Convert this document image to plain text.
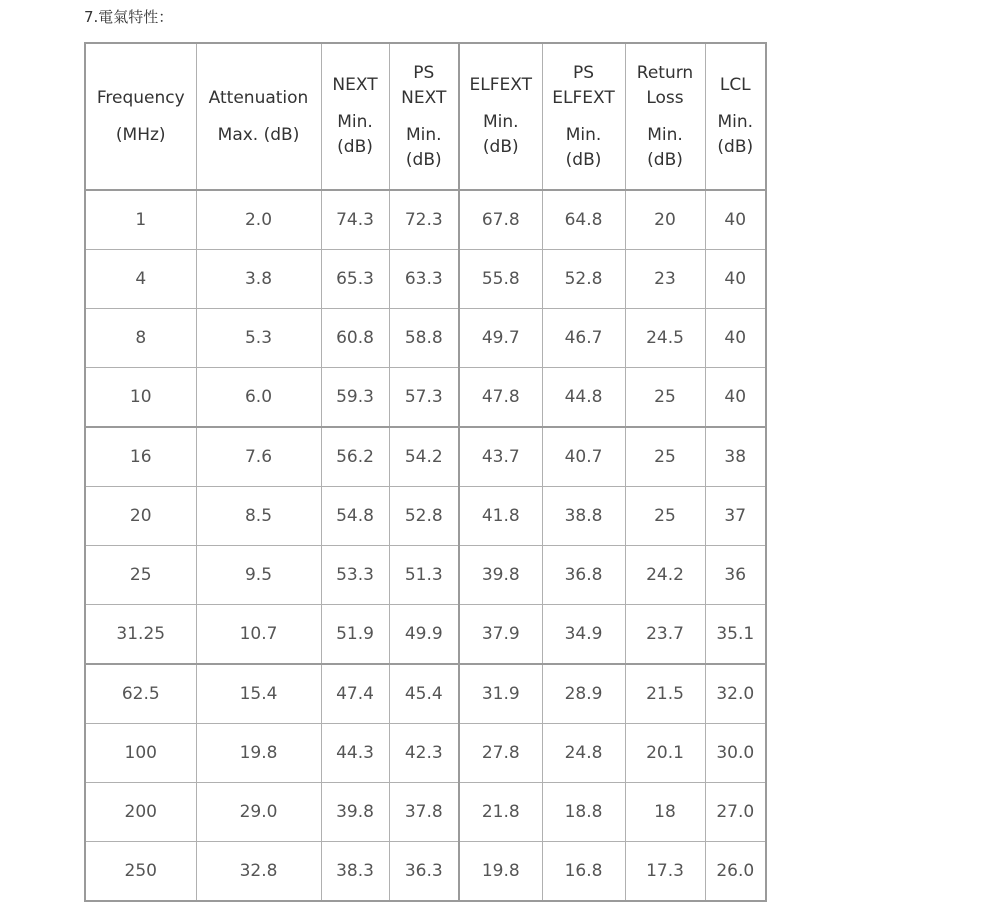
7.電氣特性：
Frequency
(MHz)	Attenuation
Max. (dB)	NEXT
Min.
(dB)	PS
NEXT
Min.
(dB)	ELFEXT
Min.
(dB)	PS
ELFEXT
Min.
(dB)	Return
Loss
Min.
(dB)	LCL
Min.
(dB)

1	2.0	74.3	72.3	67.8	64.8	20	40
4	3.8	65.3	63.3	55.8	52.8	23	40
8	5.3	60.8	58.8	49.7	46.7	24.5	40
10	6.0	59.3	57.3	47.8	44.8	25	40
16	7.6	56.2	54.2	43.7	40.7	25	38
20	8.5	54.8	52.8	41.8	38.8	25	37
25	9.5	53.3	51.3	39.8	36.8	24.2	36
31.25	10.7	51.9	49.9	37.9	34.9	23.7	35.1
62.5	15.4	47.4	45.4	31.9	28.9	21.5	32.0
100	19.8	44.3	42.3	27.8	24.8	20.1	30.0
200	29.0	39.8	37.8	21.8	18.8	18	27.0
250	32.8	38.3	36.3	19.8	16.8	17.3	26.0
